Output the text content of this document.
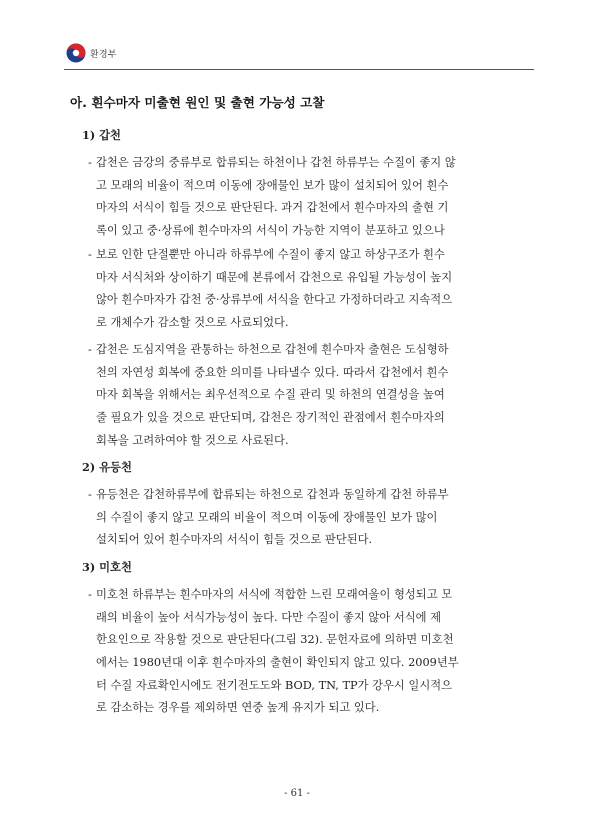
환경부
아. 흰수마자 미출현 원인 및 출현 가능성 고찰
1) 갑천
- 갑천은 금강의 중류부로 합류되는 하천이나 갑천 하류부는 수질이 좋지 않
고 모래의 비율이 적으며 이동에 장애물인 보가 많이 설치되어 있어 흰수
마자의 서식이 힘들 것으로 판단된다. 과거 갑천에서 흰수마자의 출현 기
록이 있고 중·상류에 흰수마자의 서식이 가능한 지역이 분포하고 있으나
- 보로 인한 단절뿐만 아니라 하류부에 수질이 좋지 않고 하상구조가 흰수
마자 서식처와 상이하기 때문에 본류에서 갑천으로 유입될 가능성이 높지
않아 흰수마자가 갑천 중·상류부에 서식을 한다고 가정하더라고 지속적으
로 개체수가 감소할 것으로 사료되었다.
- 갑천은 도심지역을 관통하는 하천으로 갑천에 흰수마자 출현은 도심형하
천의 자연성 회복에 중요한 의미를 나타낼수 있다. 따라서 갑천에서 흰수
마자 회복을 위해서는 최우선적으로 수질 관리 및 하천의 연결성을 높여
줄 필요가 있을 것으로 판단되며, 갑천은 장기적인 관점에서 흰수마자의
회복을 고려하여야 할 것으로 사료된다.
2) 유등천
- 유등천은 갑천하류부에 합류되는 하천으로 갑천과 동일하게 갑천 하류부
의 수질이 좋지 않고 모래의 비율이 적으며 이동에 장애물인 보가 많이
설치되어 있어 흰수마자의 서식이 힘들 것으로 판단된다.
3) 미호천
- 미호천 하류부는 흰수마자의 서식에 적합한 느린 모래여울이 형성되고 모
래의 비율이 높아 서식가능성이 높다. 다만 수질이 좋지 않아 서식에 제
한요인으로 작용할 것으로 판단된다(그림 32). 문헌자료에 의하면 미호천
에서는 1980년대 이후 흰수마자의 출현이 확인되지 않고 있다. 2009년부
터 수질 자료확인시에도 전기전도도와 BOD, TN, TP가 강우시 일시적으
로 감소하는 경우를 제외하면 연중 높게 유지가 되고 있다.
- 61 -
